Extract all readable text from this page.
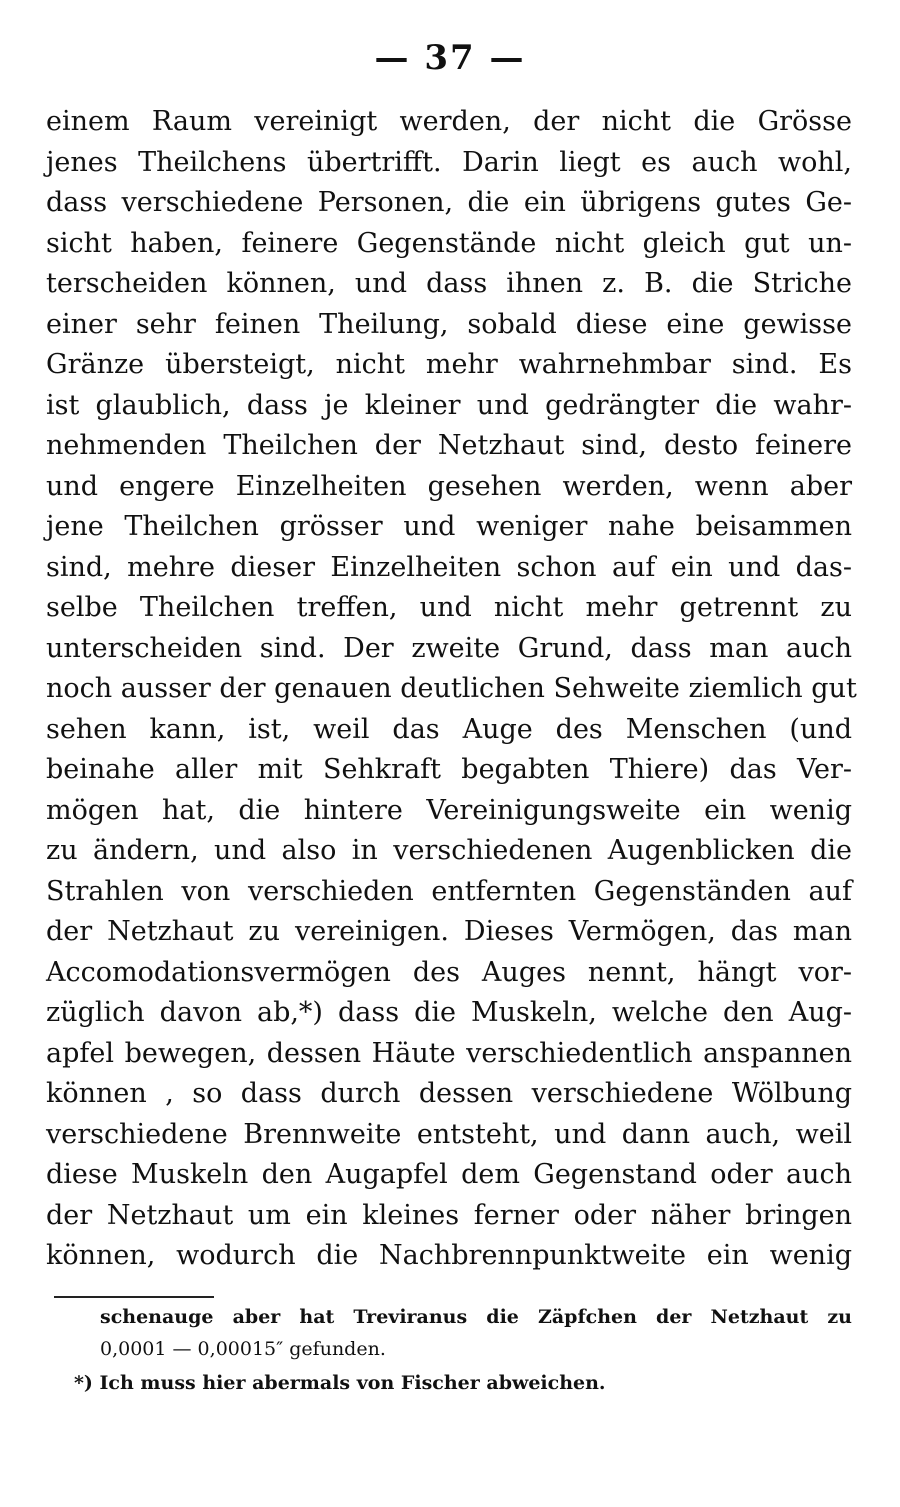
— 37 —
einem Raum vereinigt werden, der nicht die Grösse
jenes Theilchens übertrifft. Darin liegt es auch wohl,
dass verschiedene Personen, die ein übrigens gutes Ge-
sicht haben, feinere Gegenstände nicht gleich gut un-
terscheiden können, und dass ihnen z. B. die Striche
einer sehr feinen Theilung, sobald diese eine gewisse
Gränze übersteigt, nicht mehr wahrnehmbar sind. Es
ist glaublich, dass je kleiner und gedrängter die wahr-
nehmenden Theilchen der Netzhaut sind, desto feinere
und engere Einzelheiten gesehen werden, wenn aber
jene Theilchen grösser und weniger nahe beisammen
sind, mehre dieser Einzelheiten schon auf ein und das-
selbe Theilchen treffen, und nicht mehr getrennt zu
unterscheiden sind. Der zweite Grund, dass man auch
noch ausser der genauen deutlichen Sehweite ziemlich gut
sehen kann, ist, weil das Auge des Menschen (und
beinahe aller mit Sehkraft begabten Thiere) das Ver-
mögen hat, die hintere Vereinigungsweite ein wenig
zu ändern, und also in verschiedenen Augenblicken die
Strahlen von verschieden entfernten Gegenständen auf
der Netzhaut zu vereinigen. Dieses Vermögen, das man
Accomodationsvermögen des Auges nennt, hängt vor-
züglich davon ab,*) dass die Muskeln, welche den Aug-
apfel bewegen, dessen Häute verschiedentlich anspannen
können , so dass durch dessen verschiedene Wölbung
verschiedene Brennweite entsteht, und dann auch, weil
diese Muskeln den Augapfel dem Gegenstand oder auch
der Netzhaut um ein kleines ferner oder näher bringen
können, wodurch die Nachbrennpunktweite ein wenig
schenauge aber hat Treviranus die Zäpfchen der Netzhaut zu
0,0001 — 0,00015″ gefunden.
*) Ich muss hier abermals von Fischer abweichen.
